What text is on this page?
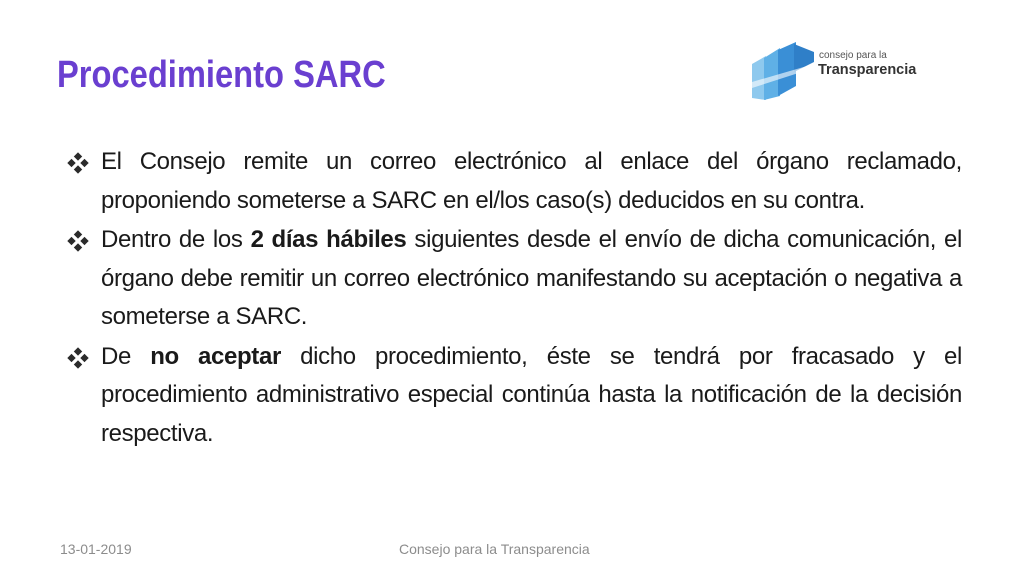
Procedimiento SARC	consejo para la
Transparencia
El Consejo remite un correo electrónico al enlace del órgano reclamado, proponiendo someterse a SARC en el/los caso(s) deducidos en su contra.
Dentro de los 2 días hábiles siguientes desde el envío de dicha comunicación, el órgano debe remitir un correo electrónico manifestando su aceptación o negativa a someterse a SARC.
De no aceptar dicho procedimiento, éste se tendrá por fracasado y el procedimiento administrativo especial continúa hasta la notificación de la decisión respectiva.
13-01-2019	Consejo para la Transparencia
